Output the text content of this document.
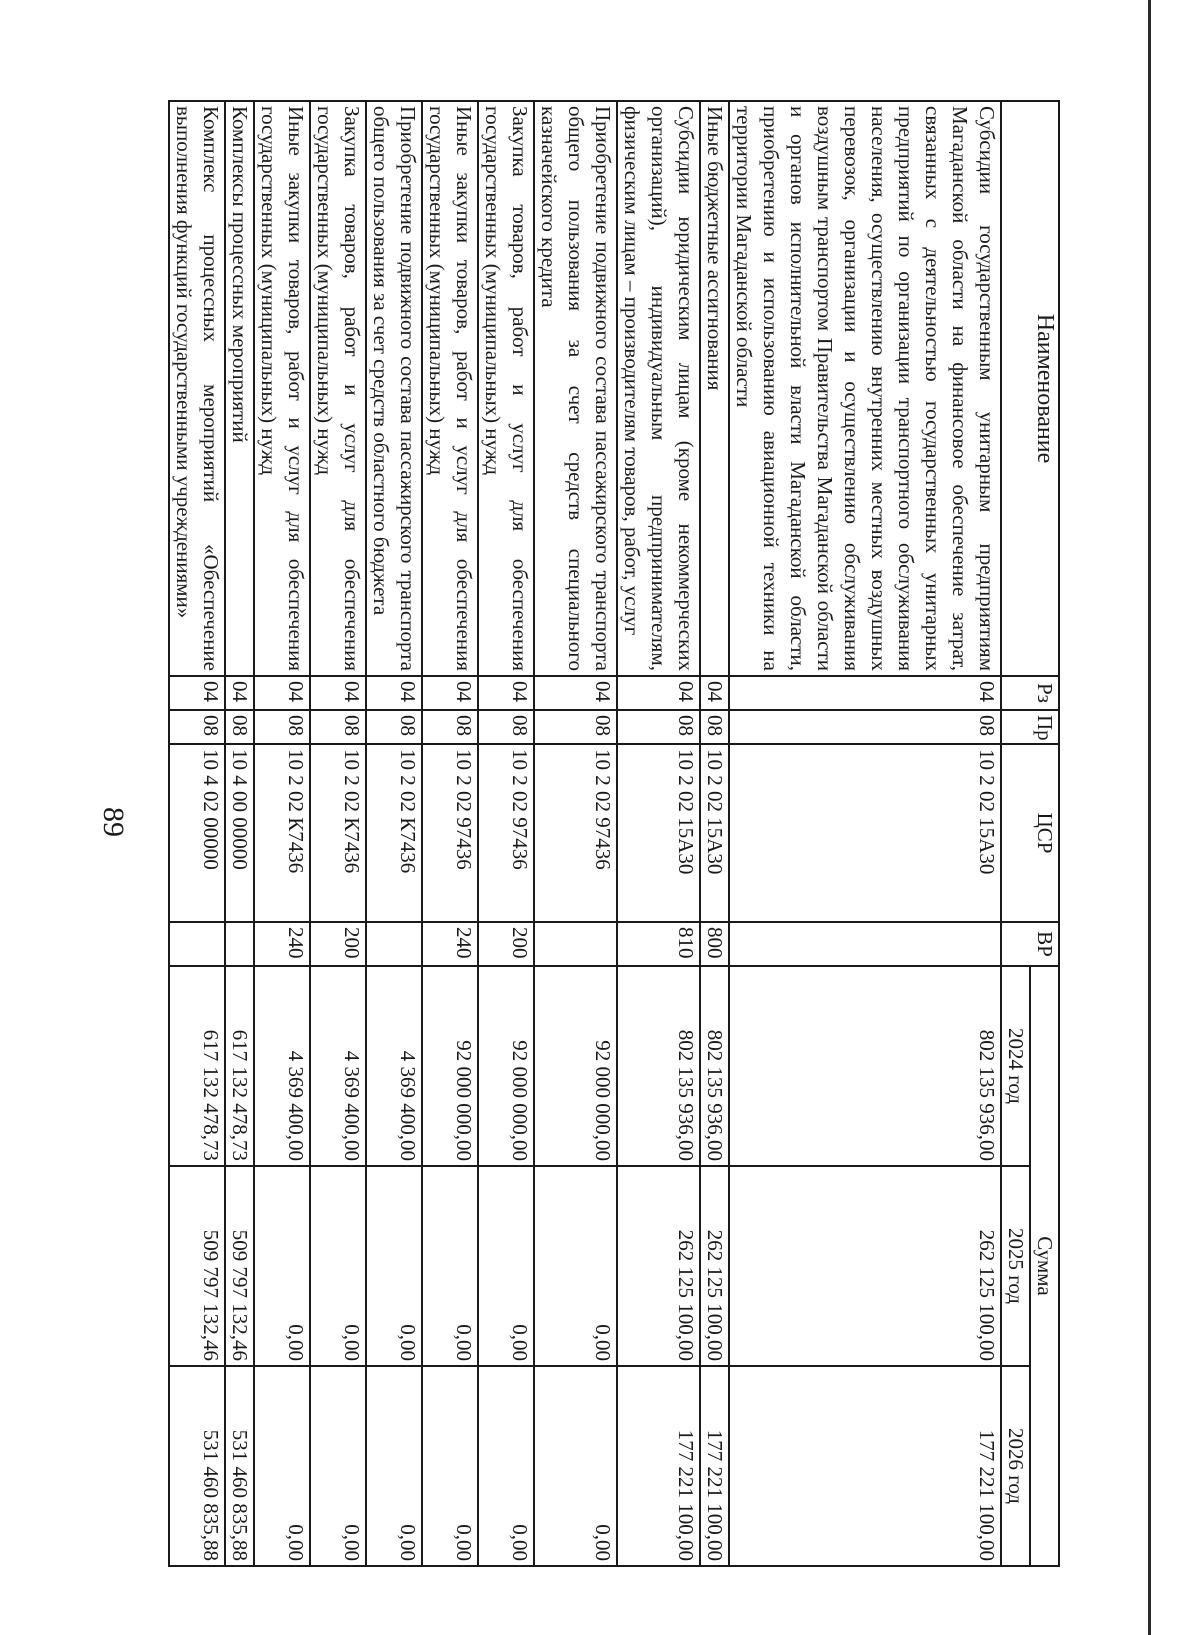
89
Наименование	Рз	Пр	ЦСР	ВР	Сумма		
					2024 год	2025 год	2026 год
Субсидии государственным унитарным предприятиям Магаданской области на финансовое обеспечение затрат, связанных с деятельностью государственных унитарных предприятий по организации транспортного обслуживания населения, осуществлению внутренних местных воздушных перевозок, организации и осуществлению обслуживания воздушным транспортом Правительства Магаданской области и органов исполнительной власти Магаданской области, приобретению и использованию авиационной техники на территории Магаданской области	04	08	10 2 02 15А30		802 135 936,00	262 125 100,00	177 221 100,00
Иные бюджетные ассигнования	04	08	10 2 02 15А30	800	802 135 936,00	262 125 100,00	177 221 100,00
Субсидии юридическим лицам (кроме некоммерческих организаций), индивидуальным предпринимателям, физическим лицам – производителям товаров, работ, услуг	04	08	10 2 02 15А30	810	802 135 936,00	262 125 100,00	177 221 100,00
Приобретение подвижного состава пассажирского транспорта общего пользования за счет средств специального казначейского кредита	04	08	10 2 02 97436		92 000 000,00	0,00	0,00
Закупка товаров, работ и услуг для обеспечения государственных (муниципальных) нужд	04	08	10 2 02 97436	200	92 000 000,00	0,00	0,00
Иные закупки товаров, работ и услуг для обеспечения государственных (муниципальных) нужд	04	08	10 2 02 97436	240	92 000 000,00	0,00	0,00
Приобретение подвижного состава пассажирского транспорта общего пользования за счет средств областного бюджета	04	08	10 2 02 К7436		4 369 400,00	0,00	0,00
Закупка товаров, работ и услуг для обеспечения государственных (муниципальных) нужд	04	08	10 2 02 К7436	200	4 369 400,00	0,00	0,00
Иные закупки товаров, работ и услуг для обеспечения государственных (муниципальных) нужд	04	08	10 2 02 К7436	240	4 369 400,00	0,00	0,00
Комплексы процессных мероприятий	04	08	10 4 00 00000		617 132 478,73	509 797 132,46	531 460 835,88
Комплекс процессных мероприятий «Обеспечение выполнения функций государственными учреждениями»	04	08	10 4 02 00000		617 132 478,73	509 797 132,46	531 460 835,88
